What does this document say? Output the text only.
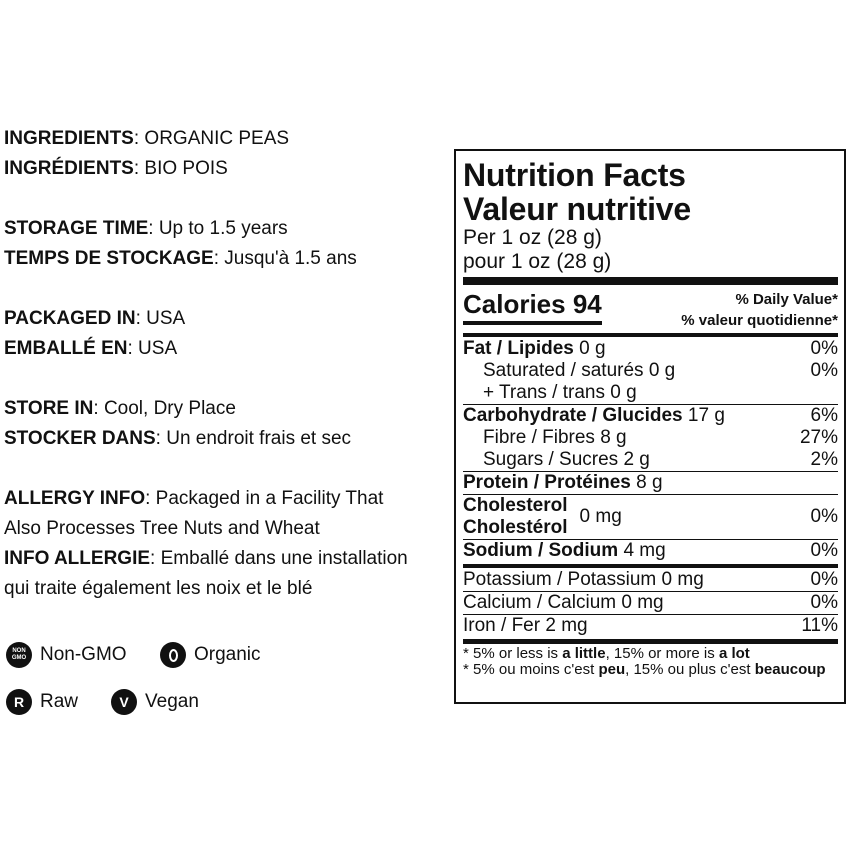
INGREDIENTS: ORGANIC PEAS
INGRÉDIENTS: BIO POIS
STORAGE TIME: Up to 1.5 years
TEMPS DE STOCKAGE: Jusqu'à 1.5 ans
PACKAGED IN: USA
EMBALLÉ EN: USA
STORE IN: Cool, Dry Place
STOCKER DANS: Un endroit frais et sec
ALLERGY INFO: Packaged in a Facility That
Also Processes Tree Nuts and Wheat
INFO ALLERGIE: Emballé dans une installation
qui traite également les noix et le blé
NON
GMO Non-GMO	Organic
R Raw	V Vegan
Nutrition Facts
Valeur nutritive
Per 1 oz (28 g)
pour 1 oz (28 g)
Calories 94	% Daily Value*
% valeur quotidienne*
Fat / Lipides 0 g	0%
Saturated / saturés 0 g	0%
+ Trans / trans 0 g
Carbohydrate / Glucides 17 g	6%
Fibre / Fibres 8 g	27%
Sugars / Sucres 2 g	2%
Protein / Protéines 8 g
Cholesterol
Cholestérol
0 mg	0%
Sodium / Sodium 4 mg	0%
Potassium / Potassium 0 mg	0%
Calcium / Calcium 0 mg	0%
Iron / Fer 2 mg	11%
* 5% or less is a little, 15% or more is a lot
* 5% ou moins c'est peu, 15% ou plus c'est beaucoup
